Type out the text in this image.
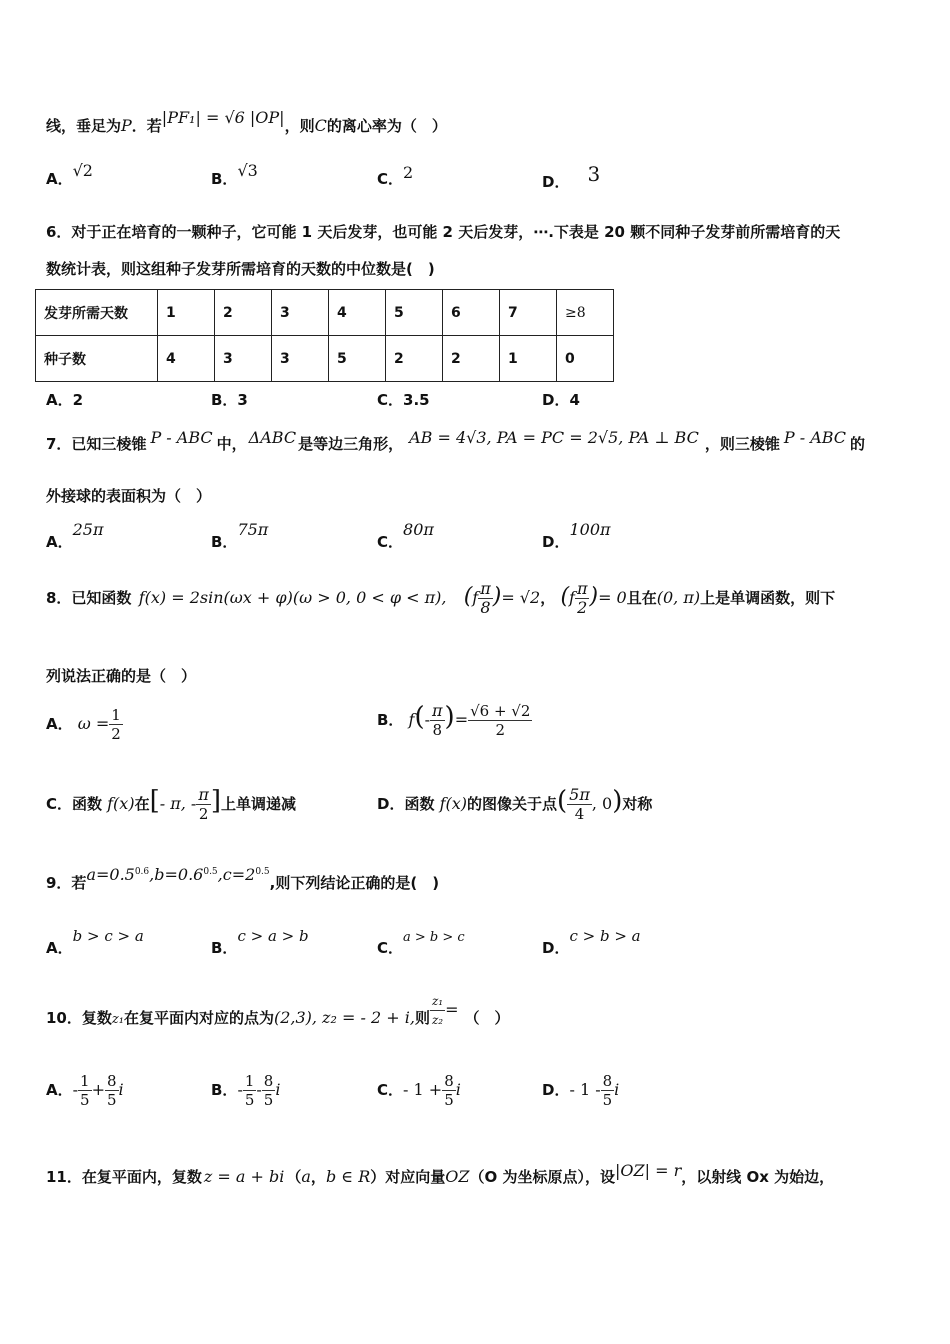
线，垂足为P．若|PF₁| = √6 |OP|，则C的离心率为（　）
A．√2	B．√3	C．2	D． 3
6．对于正在培育的一颗种子，它可能 1 天后发芽，也可能 2 天后发芽，⋯.下表是 20 颗不同种子发芽前所需培育的天
数统计表，则这组种子发芽所需培育的天数的中位数是(　)
发芽所需天数	1	2	3	4	5	6	7	≥8
种子数	4	3	3	5	2	2	1	0
A．2	B．3	C．3.5	D．4
7．已知三棱锥 P - ABC 中， ΔABC 是等边三角形， AB = 4√3, PA = PC = 2√5, PA ⊥ BC ，则三棱锥 P - ABC 的
外接球的表面积为（　）
A．25π
B．75π
C．80π
D．100π
8．已知函数 f(x) = 2sin(ωx + φ)(ω > 0, 0 < φ < π), ($f \frac{\pi}{8}$ )= √2， ($f \frac{\pi}{2}$ )= 0且在(0, π)上是单调函数，则下
列说法正确的是（　）
A． $\omega = \frac{1}{2}$	B． $f(- \frac{\pi}{8}$ )= $\frac{√6 + √2}{2}$
C．函数 f(x)在[- π, - $\frac{\pi}{2}$ ]上单调递减	D．函数 f(x)的图像关于点( $\frac{5\pi}{4}$ , 0)对称
9．若$a=0.5^{0.6},b=0.6^{0.5},c=2^{0.5}$,则下列结论正确的是(　)
A．b > c > a
B．c > a > b
C．$^{a > b > c}$
D．c > b > a
10．复数z₁在复平面内对应的点为(2,3), z₂ = - 2 + i,则 $\frac{\text{z₁}}{\text{z₂}}$ = （　）
A．- $\frac{1}{5} + \frac{8}{5}$ i	B．- $\frac{1}{5} - \frac{8}{5}$ i	C．- $1 + \frac{8}{5}$ i	D．- $1 - \frac{8}{5}$ i
11．在复平面内，复数 z = a + bi （a，b ∈ R）对应向量OZ（O 为坐标原点），设|OZ| = r，以射线 Ox 为始边，
